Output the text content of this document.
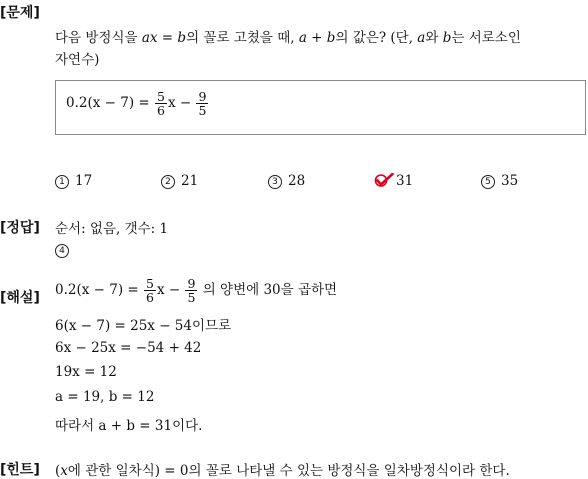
[문제]
다음 방정식을 ax = b의 꼴로 고쳤을 때, a + b의 값은? (단, a와 b는 서로소인
자연수)
$0.2(x - 7) = \frac{5}{6}$ $x - \frac{9}{5}$
1 17	2 21	3 28	31	5 35
[정답] 순서: 없음, 갯수: 1
4
[해설] $0.2(x - 7) = \frac{5}{6}$ $x - \frac{9}{5}$ 의 양변에 30을 곱하면
6(x − 7) = 25x − 54이므로
6x − 25x = −54 + 42
19x = 12
a = 19, b = 12
따라서 a + b = 31이다.
[힌트] (x에 관한 일차식) = 0의 꼴로 나타낼 수 있는 방정식을 일차방정식이라 한다.
